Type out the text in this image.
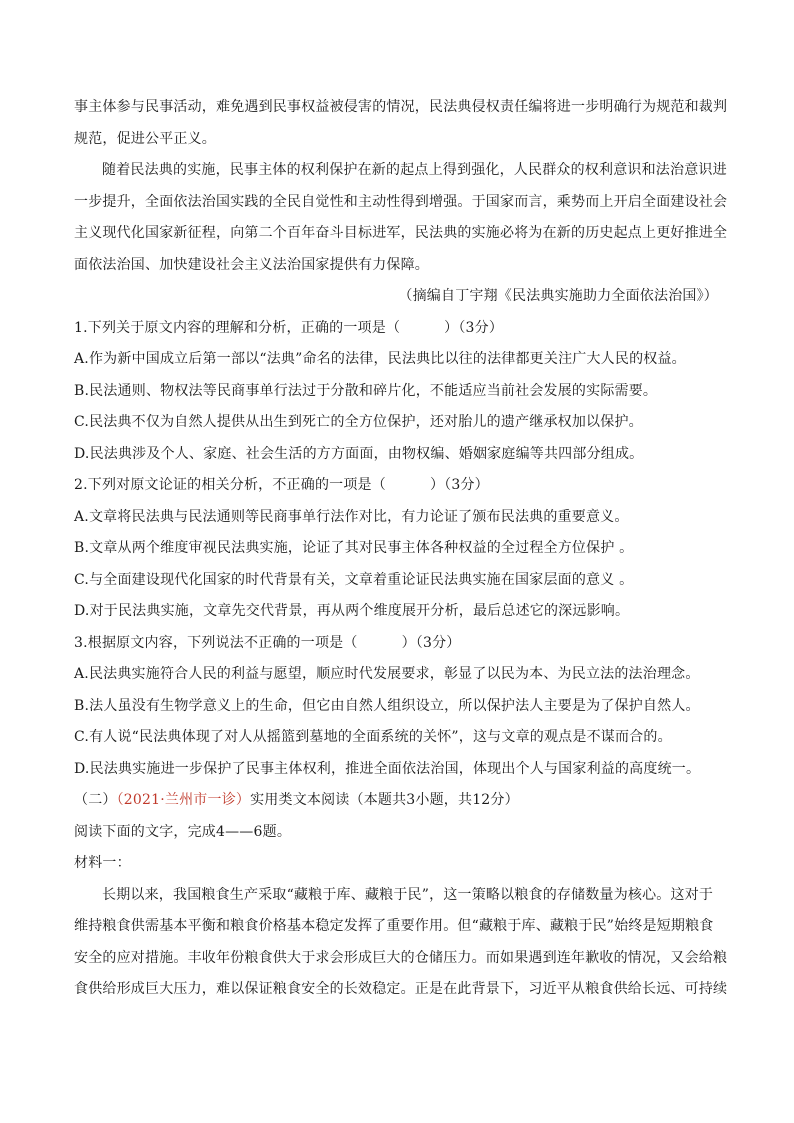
事主体参与民事活动，难免遇到民事权益被侵害的情况，民法典侵权责任编将进一步明确行为规范和裁判
规范，促进公平正义。
随着民法典的实施，民事主体的权利保护在新的起点上得到强化，人民群众的权利意识和法治意识进
一步提升，全面依法治国实践的全民自觉性和主动性得到增强。于国家而言，乘势而上开启全面建设社会
主义现代化国家新征程，向第二个百年奋斗目标进军，民法典的实施必将为在新的历史起点上更好推进全
面依法治国、加快建设社会主义法治国家提供有力保障。
（摘编自丁宇翔《民法典实施助力全面依法治国》）
1.下列关于原文内容的理解和分析，正确的一项是（	）（3分）
A.作为新中国成立后第一部以“法典”命名的法律，民法典比以往的法律都更关注广大人民的权益。
B.民法通则、物权法等民商事单行法过于分散和碎片化，不能适应当前社会发展的实际需要。
C.民法典不仅为自然人提供从出生到死亡的全方位保护，还对胎儿的遗产继承权加以保护。
D.民法典涉及个人、家庭、社会生活的方方面面，由物权编、婚姻家庭编等共四部分组成。
2.下列对原文论证的相关分析，不正确的一项是（	）（3分）
A.文章将民法典与民法通则等民商事单行法作对比，有力论证了颁布民法典的重要意义。
B.文章从两个维度审视民法典实施，论证了其对民事主体各种权益的全过程全方位保护 。
C.与全面建设现代化国家的时代背景有关，文章着重论证民法典实施在国家层面的意义 。
D.对于民法典实施，文章先交代背景，再从两个维度展开分析，最后总述它的深远影响。
3.根据原文内容，下列说法不正确的一项是（	）（3分）
A.民法典实施符合人民的利益与愿望，顺应时代发展要求，彰显了以民为本、为民立法的法治理念。
B.法人虽没有生物学意义上的生命，但它由自然人组织设立，所以保护法人主要是为了保护自然人。
C.有人说“民法典体现了对人从摇篮到墓地的全面系统的关怀”，这与文章的观点是不谋而合的。
D.民法典实施进一步保护了民事主体权利，推进全面依法治国，体现出个人与国家利益的高度统一。
（二）（2021·兰州市一诊）实用类文本阅读（本题共3小题，共12分）
阅读下面的文字，完成4——6题。
材料一：
长期以来，我国粮食生产采取“藏粮于库、藏粮于民”，这一策略以粮食的存储数量为核心。这对于
维持粮食供需基本平衡和粮食价格基本稳定发挥了重要作用。但“藏粮于库、藏粮于民”始终是短期粮食
安全的应对措施。丰收年份粮食供大于求会形成巨大的仓储压力。而如果遇到连年歉收的情况，又会给粮
食供给形成巨大压力，难以保证粮食安全的长效稳定。正是在此背景下，习近平从粮食供给长远、可持续
